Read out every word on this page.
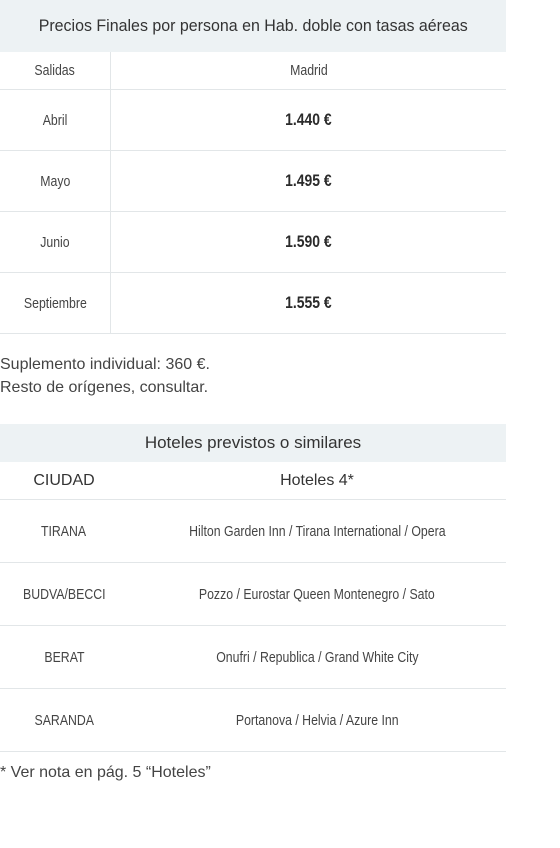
Precios Finales por persona en Hab. doble con tasas aéreas
Salidas	Madrid
Abril	1.440 €
Mayo	1.495 €
Junio	1.590 €
Septiembre	1.555 €
Suplemento individual: 360 €.
Resto de orígenes, consultar.
Hoteles previstos o similares
CIUDAD	Hoteles 4*
TIRANA	Hilton Garden Inn / Tirana International / Opera
BUDVA/BECCI	Pozzo / Eurostar Queen Montenegro / Sato
BERAT	Onufri / Republica / Grand White City
SARANDA	Portanova / Helvia / Azure Inn
* Ver nota en pág. 5 “Hoteles”
